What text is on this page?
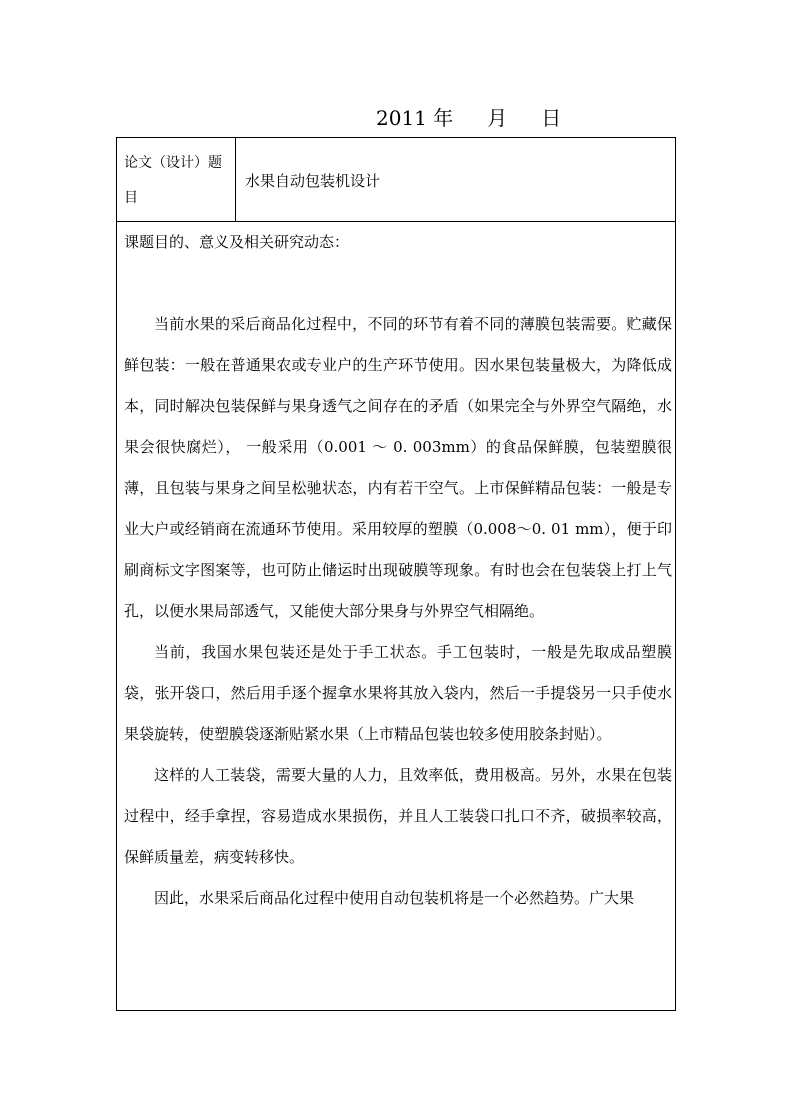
2011 年 月 日
论文（设计）题目
水果自动包装机设计
课题目的、意义及相关研究动态：

当前水果的采后商品化过程中，不同的环节有着不同的薄膜包装需要。贮藏保鲜包装：一般在普通果农或专业户的生产环节使用。因水果包装量极大，为降低成本，同时解决包装保鲜与果身透气之间存在的矛盾（如果完全与外界空气隔绝，水果会很快腐烂）， 一般采用（0.001 ～ 0. 003mm）的食品保鲜膜，包装塑膜很薄，且包装与果身之间呈松驰状态，内有若干空气。上市保鲜精品包装：一般是专业大户或经销商在流通环节使用。采用较厚的塑膜（0.008～0. 01 mm），便于印刷商标文字图案等，也可防止储运时出现破膜等现象。有时也会在包装袋上打上气孔，以便水果局部透气，又能使大部分果身与外界空气相隔绝。

当前，我国水果包装还是处于手工状态。手工包装时，一般是先取成品塑膜袋，张开袋口，然后用手逐个握拿水果将其放入袋内，然后一手提袋另一只手使水果袋旋转，使塑膜袋逐渐贴紧水果（上市精品包装也较多使用胶条封贴）。

这样的人工装袋，需要大量的人力，且效率低，费用极高。另外，水果在包装过程中，经手拿捏，容易造成水果损伤，并且人工装袋口扎口不齐，破损率较高，保鲜质量差，病变转移快。

因此，水果采后商品化过程中使用自动包装机将是一个必然趋势。广大果
